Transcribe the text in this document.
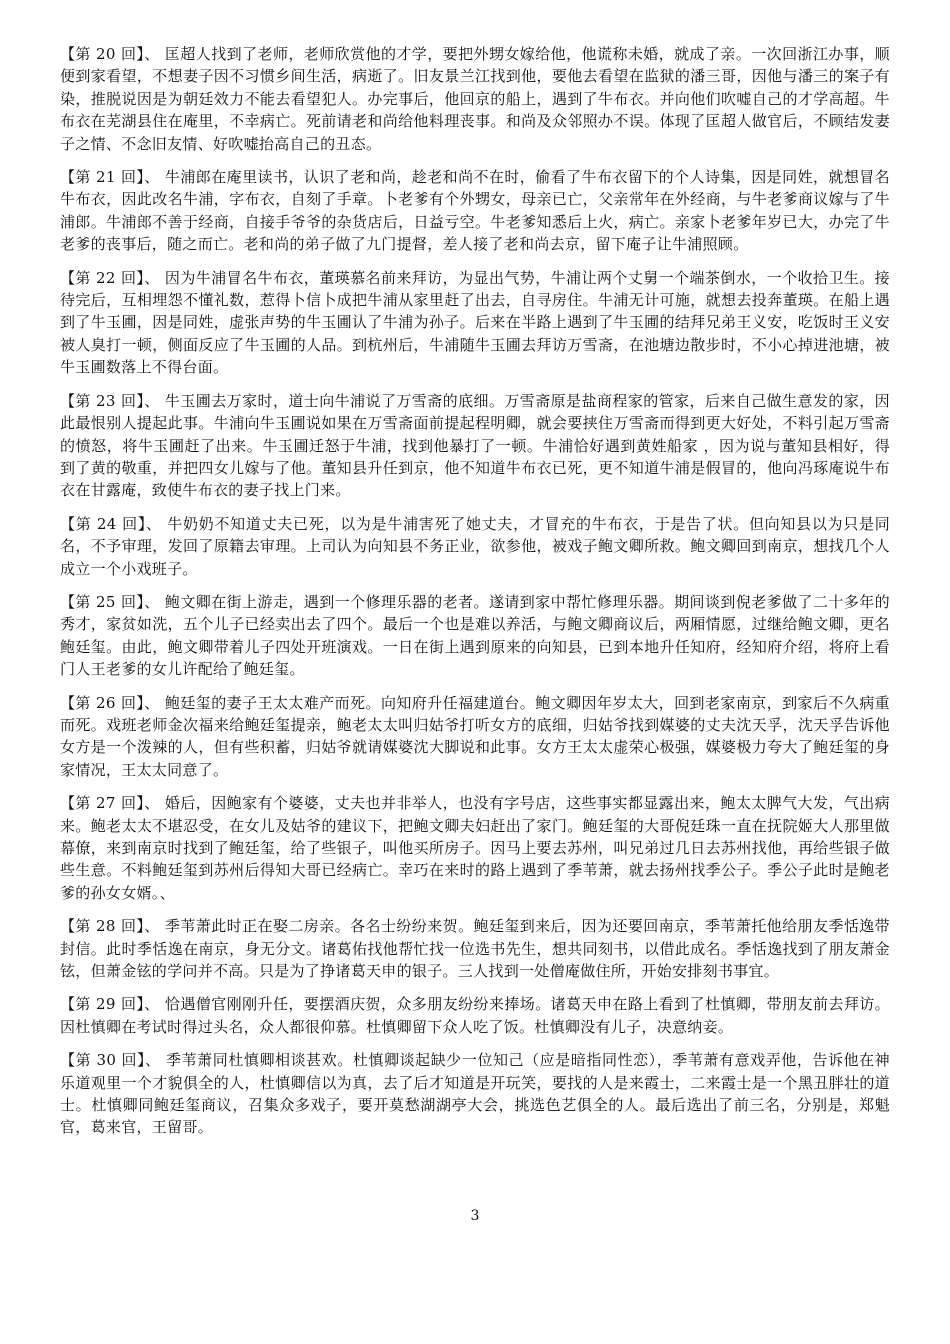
【第 20 回】、 匡超人找到了老师，老师欣赏他的才学，要把外甥女嫁给他，他谎称未婚，就成了亲。一次回浙江办事，顺便到家看望，不想妻子因不习惯乡间生活，病逝了。旧友景兰江找到他，要他去看望在监狱的潘三哥，因他与潘三的案子有染，推脱说因是为朝廷效力不能去看望犯人。办完事后，他回京的船上，遇到了牛布衣。并向他们吹嘘自己的才学高超。牛布衣在芜湖县住在庵里，不幸病亡。死前请老和尚给他料理丧事。和尚及众邻照办不误。体现了匡超人做官后，不顾结发妻子之情、不念旧友情、好吹嘘抬高自己的丑态。

【第 21 回】、 牛浦郎在庵里读书，认识了老和尚，趁老和尚不在时，偷看了牛布衣留下的个人诗集，因是同姓，就想冒名牛布衣，因此改名牛浦，字布衣，自刻了手章。卜老爹有个外甥女，母亲已亡，父亲常年在外经商，与牛老爹商议嫁与了牛浦郎。牛浦郎不善于经商，自接手爷爷的杂货店后，日益亏空。牛老爹知悉后上火，病亡。亲家卜老爹年岁已大，办完了牛老爹的丧事后，随之而亡。老和尚的弟子做了九门提督，差人接了老和尚去京，留下庵子让牛浦照顾。

【第 22 回】、 因为牛浦冒名牛布衣，董瑛慕名前来拜访，为显出气势，牛浦让两个丈舅一个端茶倒水，一个收拾卫生。接待完后，互相埋怨不懂礼数，惹得卜信卜成把牛浦从家里赶了出去，自寻房住。牛浦无计可施，就想去投奔董瑛。在船上遇到了牛玉圃，因是同姓，虚张声势的牛玉圃认了牛浦为孙子。后来在半路上遇到了牛玉圃的结拜兄弟王义安，吃饭时王义安被人臭打一顿，侧面反应了牛玉圃的人品。到杭州后，牛浦随牛玉圃去拜访万雪斋，在池塘边散步时，不小心掉进池塘，被牛玉圃数落上不得台面。

【第 23 回】、 牛玉圃去万家时，道士向牛浦说了万雪斋的底细。万雪斋原是盐商程家的管家，后来自己做生意发的家，因此最恨别人提起此事。牛浦向牛玉圃说如果在万雪斋面前提起程明卿，就会要挟住万雪斋而得到更大好处，不料引起万雪斋的愤怒，将牛玉圃赶了出来。牛玉圃迁怒于牛浦，找到他暴打了一顿。牛浦恰好遇到黄姓船家 ，因为说与董知县相好，得到了黄的敬重，并把四女儿嫁与了他。董知县升任到京，他不知道牛布衣已死，更不知道牛浦是假冒的，他向冯琢庵说牛布衣在甘露庵，致使牛布衣的妻子找上门来。

【第 24 回】、 牛奶奶不知道丈夫已死，以为是牛浦害死了她丈夫，才冒充的牛布衣，于是告了状。但向知县以为只是同名，不予审理，发回了原籍去审理。上司认为向知县不务正业，欲参他，被戏子鲍文卿所救。鲍文卿回到南京，想找几个人成立一个小戏班子。

【第 25 回】、 鲍文卿在街上游走，遇到一个修理乐器的老者。遂请到家中帮忙修理乐器。期间谈到倪老爹做了二十多年的秀才，家贫如洗，五个儿子已经卖出去了四个。最后一个也是难以养活，与鲍文卿商议后，两厢情愿，过继给鲍文卿，更名鲍廷玺。由此，鲍文卿带着儿子四处开班演戏。一日在街上遇到原来的向知县，已到本地升任知府，经知府介绍，将府上看门人王老爹的女儿许配给了鲍廷玺。

【第 26 回】、 鲍廷玺的妻子王太太难产而死。向知府升任福建道台。鲍文卿因年岁太大，回到老家南京，到家后不久病重而死。戏班老师金次福来给鲍廷玺提亲，鲍老太太叫归姑爷打听女方的底细，归姑爷找到媒婆的丈夫沈天孚，沈天孚告诉他女方是一个泼辣的人，但有些积蓄，归姑爷就请媒婆沈大脚说和此事。女方王太太虚荣心极强，媒婆极力夸大了鲍廷玺的身家情况，王太太同意了。

【第 27 回】、 婚后，因鲍家有个婆婆，丈夫也并非举人，也没有字号店，这些事实都显露出来，鲍太太脾气大发，气出病来。鲍老太太不堪忍受，在女儿及姑爷的建议下，把鲍文卿夫妇赶出了家门。鲍廷玺的大哥倪廷珠一直在抚院姬大人那里做幕僚，来到南京时找到了鲍廷玺，给了些银子，叫他买所房子。因马上要去苏州，叫兄弟过几日去苏州找他，再给些银子做些生意。不料鲍廷玺到苏州后得知大哥已经病亡。幸巧在来时的路上遇到了季苇萧，就去扬州找季公子。季公子此时是鲍老爹的孙女女婿。、

【第 28 回】、 季苇萧此时正在娶二房亲。各名士纷纷来贺。鲍廷玺到来后，因为还要回南京，季苇萧托他给朋友季恬逸带封信。此时季恬逸在南京，身无分文。诸葛佑找他帮忙找一位选书先生，想共同刻书，以借此成名。季恬逸找到了朋友萧金铉，但萧金铉的学问并不高。只是为了挣诸葛天申的银子。三人找到一处僧庵做住所，开始安排刻书事宜。

【第 29 回】、 恰遇僧官刚刚升任，要摆酒庆贺，众多朋友纷纷来捧场。诸葛天申在路上看到了杜慎卿，带朋友前去拜访。因杜慎卿在考试时得过头名，众人都很仰慕。杜慎卿留下众人吃了饭。杜慎卿没有儿子，决意纳妾。

【第 30 回】、 季苇萧同杜慎卿相谈甚欢。杜慎卿谈起缺少一位知己（应是暗指同性恋），季苇萧有意戏弄他，告诉他在神乐道观里一个才貌俱全的人，杜慎卿信以为真，去了后才知道是开玩笑，要找的人是来霞士，二来霞士是一个黑丑胖壮的道士。杜慎卿同鲍廷玺商议，召集众多戏子，要开莫愁湖湖亭大会，挑选色艺俱全的人。最后选出了前三名，分别是，郑魁官，葛来官，王留哥。

3
